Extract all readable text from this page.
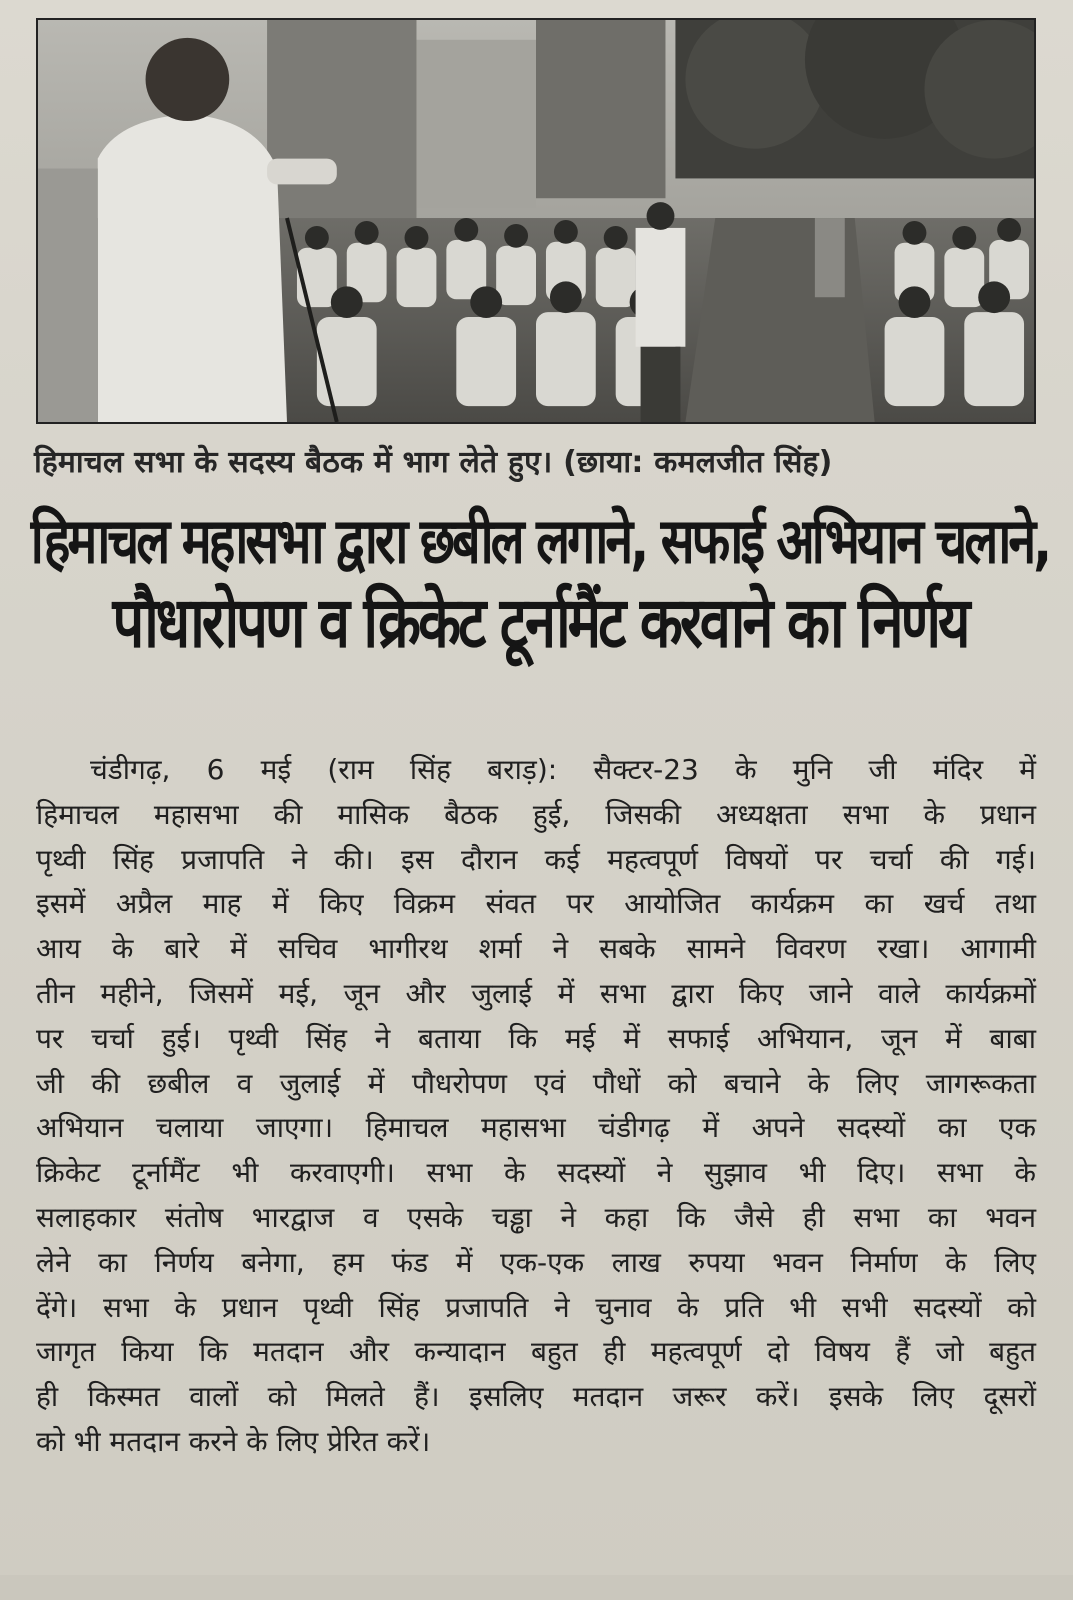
हिमाचल सभा के सदस्य बैठक में भाग लेते हुए। (छाया: कमलजीत सिंह)
हिमाचल महासभा द्वारा छबील लगाने, सफाई अभियान चलाने,
पौधारोपण व क्रिकेट टूर्नामैंट करवाने का निर्णय
चंडीगढ़, 6 मई (राम सिंह बराड़): सैक्टर-23 के मुनि जी मंदिर में
हिमाचल महासभा की मासिक बैठक हुई, जिसकी अध्यक्षता सभा के प्रधान
पृथ्वी सिंह प्रजापति ने की। इस दौरान कई महत्वपूर्ण विषयों पर चर्चा की गई।
इसमें अप्रैल माह में किए विक्रम संवत पर आयोजित कार्यक्रम का खर्च तथा
आय के बारे में सचिव भागीरथ शर्मा ने सबके सामने विवरण रखा। आगामी
तीन महीने, जिसमें मई, जून और जुलाई में सभा द्वारा किए जाने वाले कार्यक्रमों
पर चर्चा हुई। पृथ्वी सिंह ने बताया कि मई में सफाई अभियान, जून में बाबा
जी की छबील व जुलाई में पौधरोपण एवं पौधों को बचाने के लिए जागरूकता
अभियान चलाया जाएगा। हिमाचल महासभा चंडीगढ़ में अपने सदस्यों का एक
क्रिकेट टूर्नामैंट भी करवाएगी। सभा के सदस्यों ने सुझाव भी दिए। सभा के
सलाहकार संतोष भारद्वाज व एसके चड्ढा ने कहा कि जैसे ही सभा का भवन
लेने का निर्णय बनेगा, हम फंड में एक-एक लाख रुपया भवन निर्माण के लिए
देंगे। सभा के प्रधान पृथ्वी सिंह प्रजापति ने चुनाव के प्रति भी सभी सदस्यों को
जागृत किया कि मतदान और कन्यादान बहुत ही महत्वपूर्ण दो विषय हैं जो बहुत
ही किस्मत वालों को मिलते हैं। इसलिए मतदान जरूर करें। इसके लिए दूसरों
को भी मतदान करने के लिए प्रेरित करें।
